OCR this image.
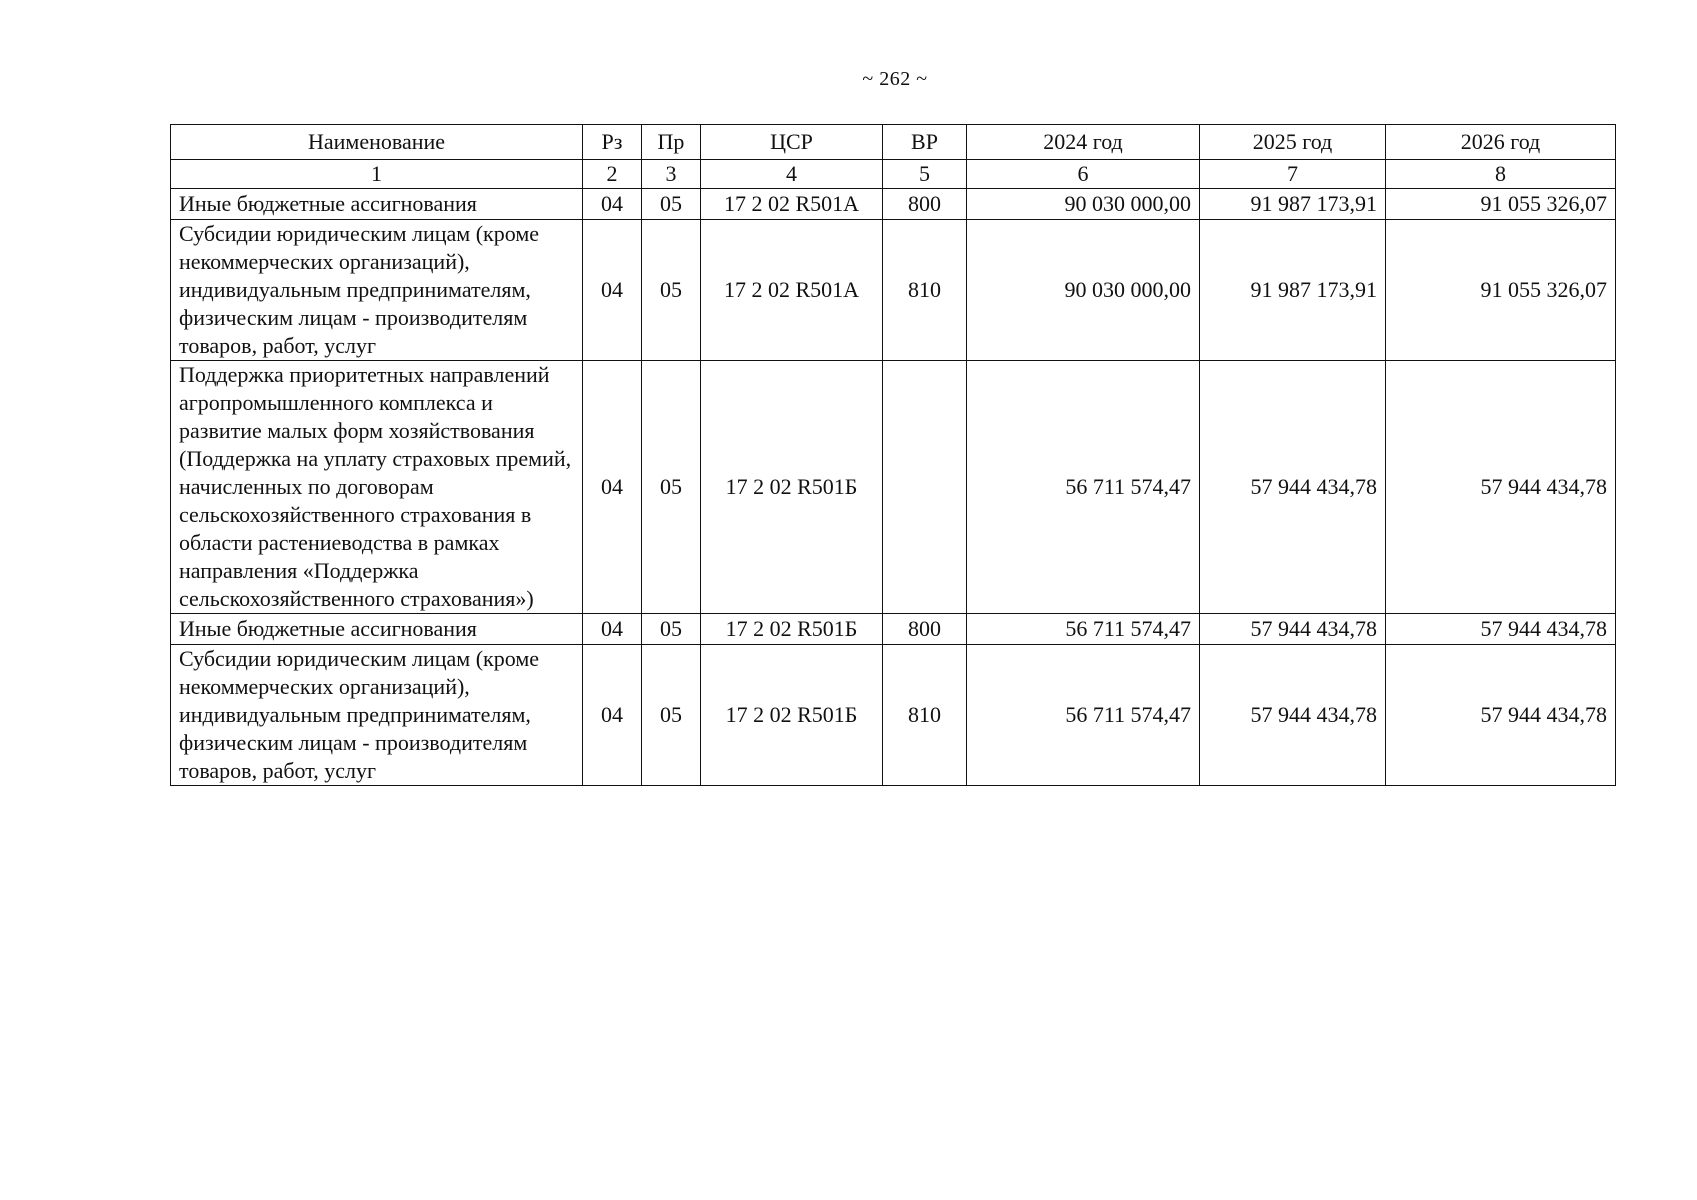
~ 262 ~
Наименование	Рз	Пр	ЦСР	ВР	2024 год	2025 год	2026 год
1	2	3	4	5	6	7	8
Иные бюджетные ассигнования	04	05	17 2 02 R501А	800	90 030 000,00	91 987 173,91	91 055 326,07
Субсидии юридическим лицам (кроме некоммерческих организаций), индивидуальным предпринимателям, физическим лицам - производителям товаров, работ, услуг	04	05	17 2 02 R501А	810	90 030 000,00	91 987 173,91	91 055 326,07
Поддержка приоритетных направлений агропромышленного комплекса и развитие малых форм хозяйствования (Поддержка на уплату страховых премий, начисленных по договорам сельскохозяйственного страхования в области растениеводства в рамках направления «Поддержка сельскохозяйственного страхования»)	04	05	17 2 02 R501Б		56 711 574,47	57 944 434,78	57 944 434,78
Иные бюджетные ассигнования	04	05	17 2 02 R501Б	800	56 711 574,47	57 944 434,78	57 944 434,78
Субсидии юридическим лицам (кроме некоммерческих организаций), индивидуальным предпринимателям, физическим лицам - производителям товаров, работ, услуг	04	05	17 2 02 R501Б	810	56 711 574,47	57 944 434,78	57 944 434,78
